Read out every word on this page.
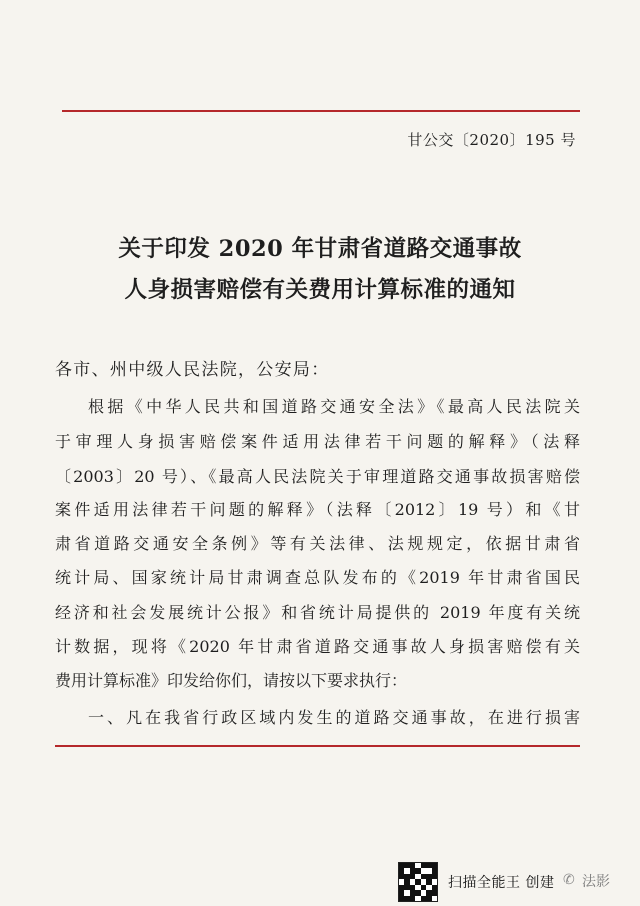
甘公交〔2020〕195 号
关于印发 2020 年甘肃省道路交通事故
人身损害赔偿有关费用计算标准的通知
各市、州中级人民法院，公安局：
根据《中华人民共和国道路交通安全法》《最高人民法院关
于审理人身损害赔偿案件适用法律若干问题的解释》（法释
〔2003〕20 号）、《最高人民法院关于审理道路交通事故损害赔偿
案件适用法律若干问题的解释》（法释〔2012〕19 号）和《甘
肃省道路交通安全条例》等有关法律、法规规定，依据甘肃省
统计局、国家统计局甘肃调查总队发布的《2019 年甘肃省国民
经济和社会发展统计公报》和省统计局提供的 2019 年度有关统
计数据，现将《2020 年甘肃省道路交通事故人身损害赔偿有关
费用计算标准》印发给你们，请按以下要求执行：
一、凡在我省行政区域内发生的道路交通事故，在进行损害
扫描全能王 创建 ✆ 法影
